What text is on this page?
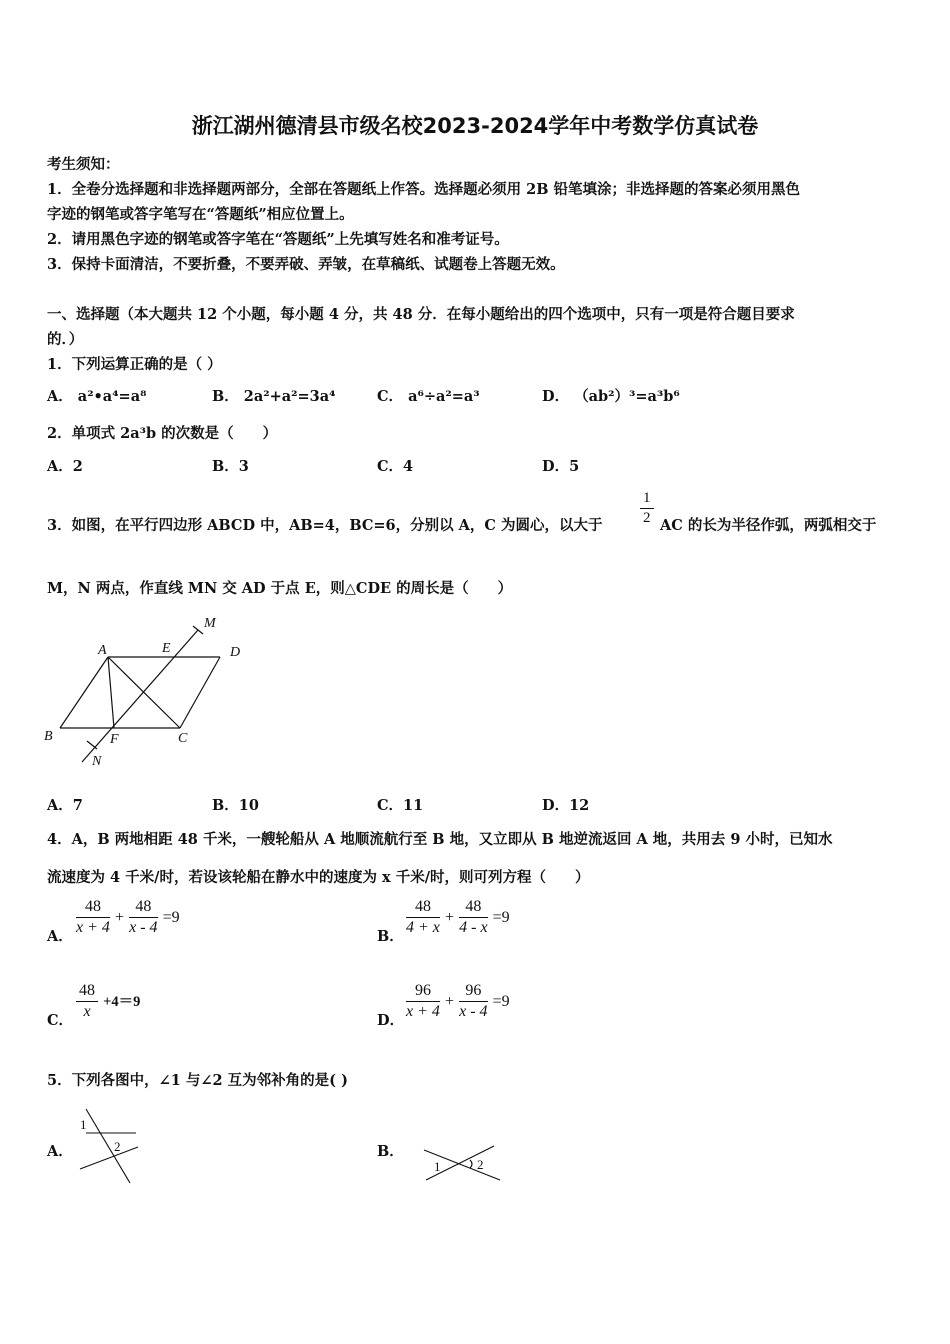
浙江湖州德清县市级名校2023-2024学年中考数学仿真试卷
考生须知：
1．全卷分选择题和非选择题两部分，全部在答题纸上作答。选择题必须用 2B 铅笔填涂；非选择题的答案必须用黑色
字迹的钢笔或答字笔写在“答题纸”相应位置上。
2．请用黑色字迹的钢笔或答字笔在“答题纸”上先填写姓名和准考证号。
3．保持卡面清洁，不要折叠，不要弄破、弄皱，在草稿纸、试题卷上答题无效。
一、选择题（本大题共 12 个小题，每小题 4 分，共 48 分．在每小题给出的四个选项中，只有一项是符合题目要求
的．）
1．下列运算正确的是（ ）
A． a²•a⁴=a⁸	B． 2a²+a²=3a⁴	C． a⁶÷a²=a³	D． （ab²）³=a³b⁶
2．单项式 2a³b 的次数是（　　）
A．2	B．3	C．4	D．5
3．如图，在平行四边形 ABCD 中，AB=4，BC=6，分别以 A，C 为圆心，以大于 $\frac{1}{2}$ AC 的长为半径作弧，两弧相交于
M，N 两点，作直线 MN 交 AD 于点 E，则△CDE 的周长是（　　）
A	E	D
M
B	F	C
N
A．7	B．10	C．11	D．12
4．A，B 两地相距 48 千米，一艘轮船从 A 地顺流航行至 B 地，又立即从 B 地逆流返回 A 地，共用去 9 小时，已知水
流速度为 4 千米/时，若设该轮船在静水中的速度为 x 千米/时，则可列方程（　　）
A． $\frac{48}{x + 4} + \frac{48}{x - 4} =9$
B． $\frac{48}{4 + x} + \frac{48}{4 - x} =9$
C． $\frac{48}{x} +4=9$
D． $\frac{96}{x + 4} + \frac{96}{x - 4} =9$
5．下列各图中，∠1 与∠2 互为邻补角的是( )
A．
1
2	B．
1	2
